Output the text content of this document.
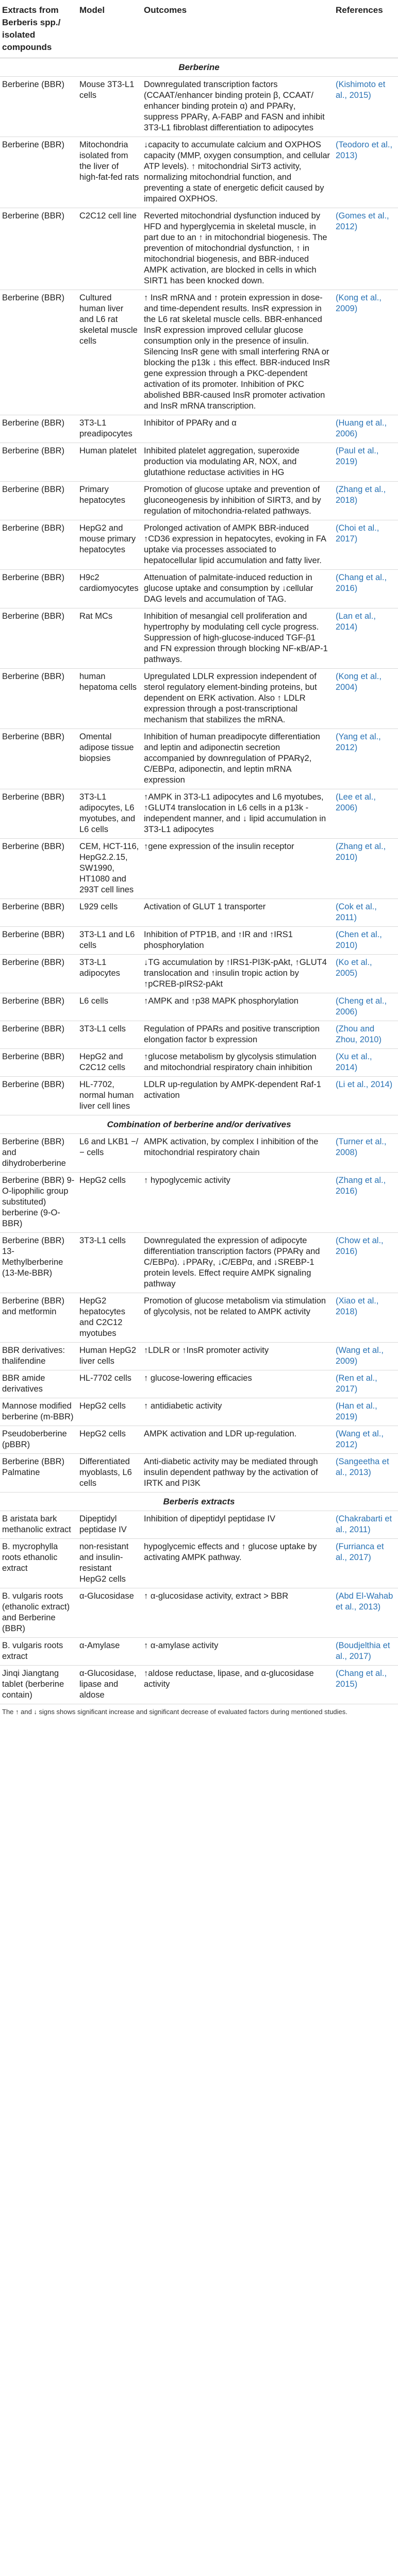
Extracts from Berberis spp./ isolated compounds	Model	Outcomes	References
Berberine			
Berberine (BBR)	Mouse 3T3-L1 cells	Downregulated transcription factors (CCAAT/enhancer binding protein β, CCAAT/ enhancer binding protein α) and PPARγ, suppress PPARγ, A-FABP and FASN and inhibit 3T3-L1 fibroblast differentiation to adipocytes	(Kishimoto et al., 2015)
Berberine (BBR)	Mitochondria isolated from the liver of high-fat-fed rats	↓capacity to accumulate calcium and OXPHOS capacity (MMP, oxygen consumption, and cellular ATP levels). ↑ mitochondrial SirT3 activity, normalizing mitochondrial function, and preventing a state of energetic deficit caused by impaired OXPHOS.	(Teodoro et al., 2013)
Berberine (BBR)	C2C12 cell line	Reverted mitochondrial dysfunction induced by HFD and hyperglycemia in skeletal muscle, in part due to an ↑ in mitochondrial biogenesis. The prevention of mitochondrial dysfunction, ↑ in mitochondrial biogenesis, and BBR-induced AMPK activation, are blocked in cells in which SIRT1 has been knocked down.	(Gomes et al., 2012)
Berberine (BBR)	Cultured human liver and L6 rat skeletal muscle cells	↑ InsR mRNA and ↑ protein expression in dose- and time-dependent results. InsR expression in the L6 rat skeletal muscle cells. BBR-enhanced InsR expression improved cellular glucose consumption only in the presence of insulin. Silencing InsR gene with small interfering RNA or blocking the p13k ↓ this effect. BBR-induced InsR gene expression through a PKC-dependent activation of its promoter. Inhibition of PKC abolished BBR-caused InsR promoter activation and InsR mRNA transcription.	(Kong et al., 2009)
Berberine (BBR)	3T3-L1 preadipocytes	Inhibitor of PPARγ and α	(Huang et al., 2006)
Berberine (BBR)	Human platelet	Inhibited platelet aggregation, superoxide production via modulating AR, NOX, and glutathione reductase activities in HG	(Paul et al., 2019)
Berberine (BBR)	Primary hepatocytes	Promotion of glucose uptake and prevention of gluconeogenesis by inhibition of SIRT3, and by regulation of mitochondria-related pathways.	(Zhang et al., 2018)
Berberine (BBR)	HepG2 and mouse primary hepatocytes	Prolonged activation of AMPK BBR-induced ↑CD36 expression in hepatocytes, evoking in FA uptake via processes associated to hepatocellular lipid accumulation and fatty liver.	(Choi et al., 2017)
Berberine (BBR)	H9c2 cardiomyocytes	Attenuation of palmitate-induced reduction in glucose uptake and consumption by ↓cellular DAG levels and accumulation of TAG.	(Chang et al., 2016)
Berberine (BBR)	Rat MCs	Inhibition of mesangial cell proliferation and hypertrophy by modulating cell cycle progress. Suppression of high-glucose-induced TGF-β1 and FN expression through blocking NF-κB/AP-1 pathways.	(Lan et al., 2014)
Berberine (BBR)	human hepatoma cells	Upregulated LDLR expression independent of sterol regulatory element-binding proteins, but dependent on ERK activation. Also ↑ LDLR expression through a post-transcriptional mechanism that stabilizes the mRNA.	(Kong et al., 2004)
Berberine (BBR)	Omental adipose tissue biopsies	Inhibition of human preadipocyte differentiation and leptin and adiponectin secretion accompanied by downregulation of PPARγ2, C/EBPα, adiponectin, and leptin mRNA expression	(Yang et al., 2012)
Berberine (BBR)	3T3-L1 adipocytes, L6 myotubes, and L6 cells	↑AMPK in 3T3-L1 adipocytes and L6 myotubes, ↑GLUT4 translocation in L6 cells in a p13k -independent manner, and ↓ lipid accumulation in 3T3-L1 adipocytes	(Lee et al., 2006)
Berberine (BBR)	CEM, HCT-116, HepG2.2.15, SW1990, HT1080 and 293T cell lines	↑gene expression of the insulin receptor	(Zhang et al., 2010)
Berberine (BBR)	L929 cells	Activation of GLUT 1 transporter	(Cok et al., 2011)
Berberine (BBR)	3T3-L1 and L6 cells	Inhibition of PTP1B, and ↑IR and ↑IRS1 phosphorylation	(Chen et al., 2010)
Berberine (BBR)	3T3-L1 adipocytes	↓TG accumulation by ↑IRS1-PI3K-pAkt, ↑GLUT4 translocation and ↑insulin tropic action by ↑pCREB-pIRS2-pAkt	(Ko et al., 2005)
Berberine (BBR)	L6 cells	↑AMPK and ↑p38 MAPK phosphorylation	(Cheng et al., 2006)
Berberine (BBR)	3T3-L1 cells	Regulation of PPARs and positive transcription elongation factor b expression	(Zhou and Zhou, 2010)
Berberine (BBR)	HepG2 and C2C12 cells	↑glucose metabolism by glycolysis stimulation and mitochondrial respiratory chain inhibition	(Xu et al., 2014)
Berberine (BBR)	HL-7702, normal human liver cell lines	LDLR up-regulation by AMPK-dependent Raf-1 activation	(Li et al., 2014)
Combination of berberine and/or derivatives			
Berberine (BBR) and dihydroberberine	L6 and LKB1 −/− cells	AMPK activation, by complex I inhibition of the mitochondrial respiratory chain	(Turner et al., 2008)
Berberine (BBR) 9-O-lipophilic group substituted) berberine (9-O-BBR)	HepG2 cells	↑ hypoglycemic activity	(Zhang et al., 2016)
Berberine (BBR) 13-Methylberberine (13-Me-BBR)	3T3-L1 cells	Downregulated the expression of adipocyte differentiation transcription factors (PPARγ and C/EBPα). ↓PPARγ, ↓C/EBPα, and ↓SREBP-1 protein levels. Effect require AMPK signaling pathway	(Chow et al., 2016)
Berberine (BBR) and metformin	HepG2 hepatocytes and C2C12 myotubes	Promotion of glucose metabolism via stimulation of glycolysis, not be related to AMPK activity	(Xiao et al., 2018)
BBR derivatives: thalifendine	Human HepG2 liver cells	↑LDLR or ↑InsR promoter activity	(Wang et al., 2009)
BBR amide derivatives	HL-7702 cells	↑ glucose-lowering efficacies	(Ren et al., 2017)
Mannose modified berberine (m-BBR)	HepG2 cells	↑ antidiabetic activity	(Han et al., 2019)
Pseudoberberine (pBBR)	HepG2 cells	AMPK activation and LDR up-regulation.	(Wang et al., 2012)
Berberine (BBR) Palmatine	Differentiated myoblasts, L6 cells	Anti-diabetic activity may be mediated through insulin dependent pathway by the activation of IRTK and PI3K	(Sangeetha et al., 2013)
Berberis extracts			
B aristata bark methanolic extract	Dipeptidyl peptidase IV	Inhibition of dipeptidyl peptidase IV	(Chakrabarti et al., 2011)
B. mycrophylla roots ethanolic extract	non-resistant and insulin-resistant HepG2 cells	hypoglycemic effects and ↑ glucose uptake by activating AMPK pathway.	(Furrianca et al., 2017)
B. vulgaris roots (ethanolic extract) and Berberine (BBR)	α-Glucosidase	↑ α-glucosidase activity, extract > BBR	(Abd El-Wahab et al., 2013)
B. vulgaris roots extract	α-Amylase	↑ α-amylase activity	(Boudjelthia et al., 2017)
Jinqi Jiangtang tablet (berberine contain)	α-Glucosidase, lipase and aldose	↑aldose reductase, lipase, and α-glucosidase activity	(Chang et al., 2015)
The ↑ and ↓ signs shows significant increase and significant decrease of evaluated factors during mentioned studies.
